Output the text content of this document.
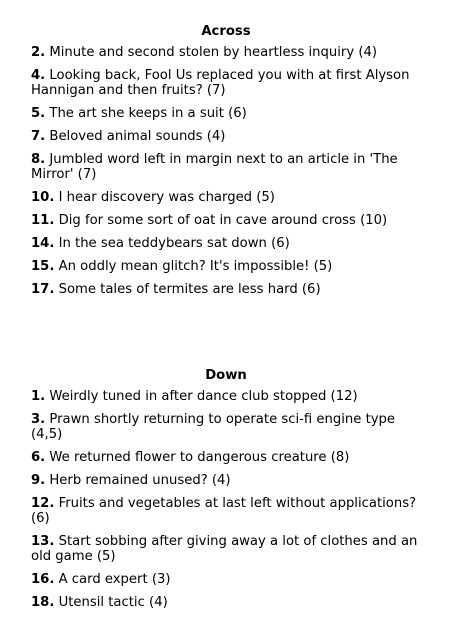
Across
2. Minute and second stolen by heartless inquiry (4)
4. Looking back, Fool Us replaced you with at first Alyson Hannigan and then fruits? (7)
5. The art she keeps in a suit (6)
7. Beloved animal sounds (4)
8. Jumbled word left in margin next to an article in 'The Mirror' (7)
10. I hear discovery was charged (5)
11. Dig for some sort of oat in cave around cross (10)
14. In the sea teddybears sat down (6)
15. An oddly mean glitch? It's impossible! (5)
17. Some tales of termites are less hard (6)
Down
1. Weirdly tuned in after dance club stopped (12)
3. Prawn shortly returning to operate sci-fi engine type (4,5)
6. We returned flower to dangerous creature (8)
9. Herb remained unused? (4)
12. Fruits and vegetables at last left without applications? (6)
13. Start sobbing after giving away a lot of clothes and an old game (5)
16. A card expert (3)
18. Utensil tactic (4)
